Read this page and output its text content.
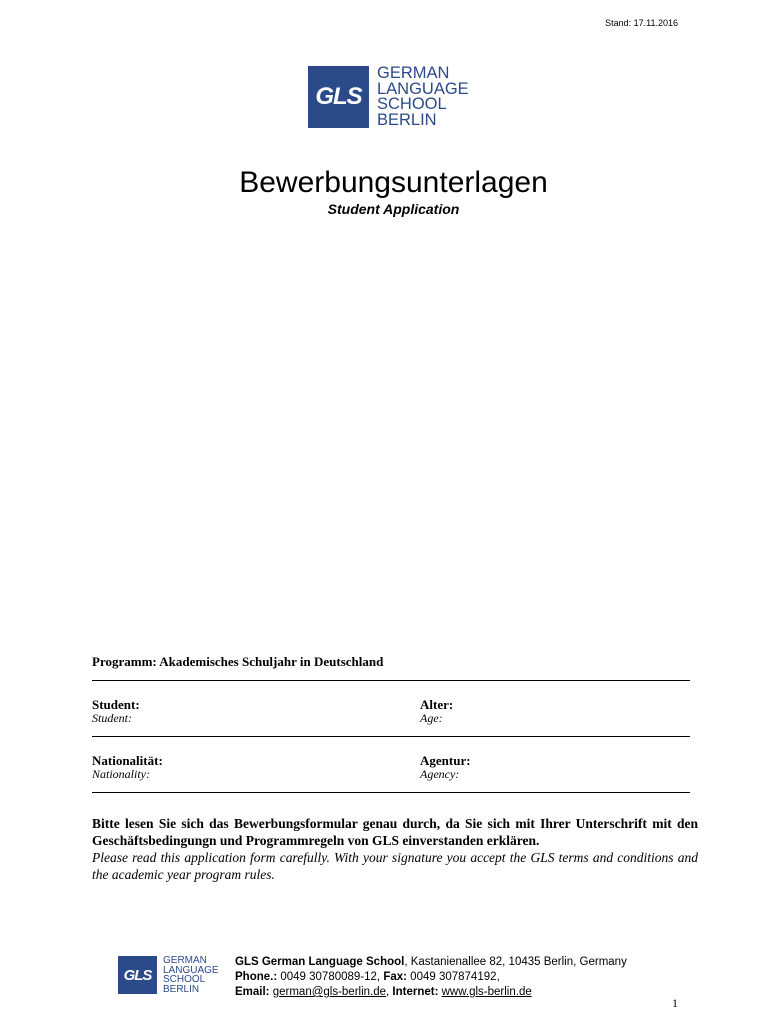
Stand: 17.11.2016
GLS
GERMAN
LANGUAGE
SCHOOL
BERLIN
Bewerbungsunterlagen
Student Application
Programm: Akademisches Schuljahr in Deutschland
Student:
Student:
Alter:
Age:
Nationalität:
Nationality:
Agentur:
Agency:
Bitte lesen Sie sich das Bewerbungsformular genau durch, da Sie sich mit Ihrer Unterschrift mit den Geschäftsbedingungn und Programmregeln von GLS einverstanden erklären.
Please read this application form carefully. With your signature you accept the GLS terms and conditions and the academic year program rules.
GLS
GERMAN
LANGUAGE
SCHOOL
BERLIN
GLS German Language School, Kastanienallee 82, 10435 Berlin, Germany
Phone.: 0049 30780089-12, Fax: 0049 307874192,
Email: german@gls-berlin.de, Internet: www.gls-berlin.de
1
